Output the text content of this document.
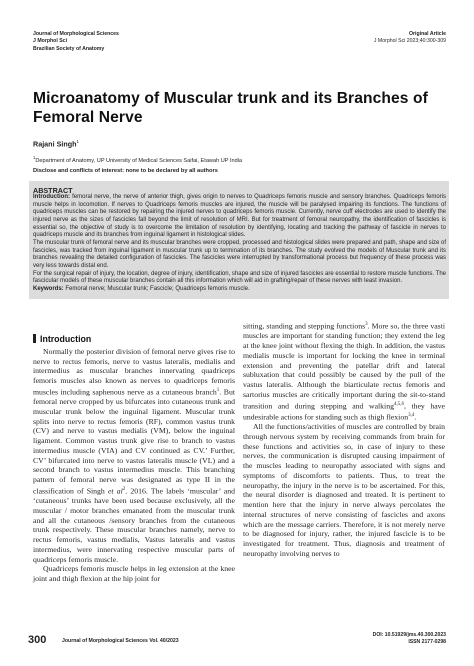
Journal of Morphological Sciences
J Morphol Sci
Brazilian Society of Anatomy
Original Article
J Morphol Sci 2023;40:300-309
Microanatomy of Muscular trunk and its Branches of Femoral Nerve
Rajani Singh$^1$
$^1$Department of Anatomy, UP University of Medical Sciences Saifai, Etawah UP India
Disclose and conflicts of interest: none to be declared by all authors
ABSTRACT

Introduction: femoral nerve, the nerve of anterior thigh, gives origin to nerves to Quadriceps femoris muscle and sensory branches. Quadriceps femoris muscle helps in locomotion. If nerves to Quadriceps femoris muscles are injured, the muscle will be paralysed impairing its functions. The functions of quadriceps muscles can be restored by repairing the injured nerves to quadriceps femoris muscle. Currently, nerve cuff electrodes are used to identify the injured nerve as the sizes of fascicles fall beyond the limit of resolution of MRI. But for treatment of femoral neuropathy, the identification of fascicles is essential so, the objective of study is to overcome the limitation of resolution by identifying, locating and tracking the pathway of fascicle in nerves to quadriceps muscle and its branches from inguinal ligament in histological slides.

The muscular trunk of femoral nerve and its muscular branches were cropped, processed and histological slides were prepared and path, shape and size of fascicles, was tracked from inguinal ligament in muscular trunk up to termination of its branches. The study evolved the models of Muscular trunk and its branches revealing the detailed configuration of fascicles. The fascicles were interrupted by transformational process but frequency of these process was very less towards distal end.

For the surgical repair of injury, the location, degree of injury, identification, shape and size of injured fascicles are essential to restore muscle functions. The fascicular models of these muscular branches contain all this information which will aid in grafting/repair of these nerves with least invasion.

Keywords: Femoral nerve; Muscular trunk; Fascicle; Quadriceps femoris muscle.

Introduction

Normally the posterior division of femoral nerve gives rise to nerve to rectus femoris, nerve to vastus lateralis, medialis and intermedius as muscular branches innervating quadriceps femoris muscles also known as nerves to quadriceps femoris muscles including saphenous nerve as a cutaneous branch$^1$. But femoral nerve cropped by us bifurcates into cutaneous trunk and muscular trunk below the inguinal ligament. Muscular trunk splits into nerve to rectus femoris (RF), common vastus trunk (CV) and nerve to vastus medialis (VM), below the inguinal ligament. Common vastus trunk give rise to branch to vastus intermedius muscle (VIA) and CV continued as CV.’ Further, CV’ bifurcated into nerve to vastus lateralis muscle (VL) and a second branch to vastus intermedius muscle. This branching pattern of femoral nerve was designated as type II in the classification of Singh et $al^2$. 2016. The labels ‘muscular’ and ‘cutaneous’ trunks have been used because exclusively, all the muscular / motor branches emanated from the muscular trunk and all the cutaneous /sensory branches from the cutaneous trunk respectively. These muscular branches namely, nerve to rectus femoris, vastus medialis, Vastus lateralis and vastus intermedius, were innervating respective muscular parts of quadriceps femoris muscle.

Quadriceps femoris muscle helps in leg extension at the knee joint and thigh flexion at the hip joint for

sitting, standing and stepping functions$^3$. More so, the three vasti muscles are important for standing function; they extend the leg at the knee joint without flexing the thigh. In addition, the vastus medialis muscle is important for locking the knee in terminal extension and preventing the patellar drift and lateral subluxation that could possibly be caused by the pull of the vastus lateralis. Although the biarticulate rectus femoris and sartorius muscles are critically important during the sit-to-stand transition and during stepping and walking$^{4,5,6}$, they have undesirable actions for standing such as thigh flexion$^{3,4}$.

All the functions/activities of muscles are controlled by brain through nervous system by receiving commands from brain for these functions and activities so, in case of injury to these nerves, the communication is disrupted causing impairment of the muscles leading to neuropathy associated with signs and symptoms of discomforts to patients. Thus, to treat the neuropathy, the injury in the nerve is to be ascertained. For this, the neural disorder is diagnosed and treated. It is pertinent to mention here that the injury in nerve always percolates the internal structures of nerve consisting of fascicles and axons which are the message carriers. Therefore, it is not merely nerve to be diagnosed for injury, rather, the injured fascicle is to be investigated for treatment. Thus, diagnosis and treatment of neuropathy involving nerves to

300	Journal of Morphological Sciences Vol. 40/2023
DOI: 10.51929/jms.40.300.2023
ISSN 2177-0298
